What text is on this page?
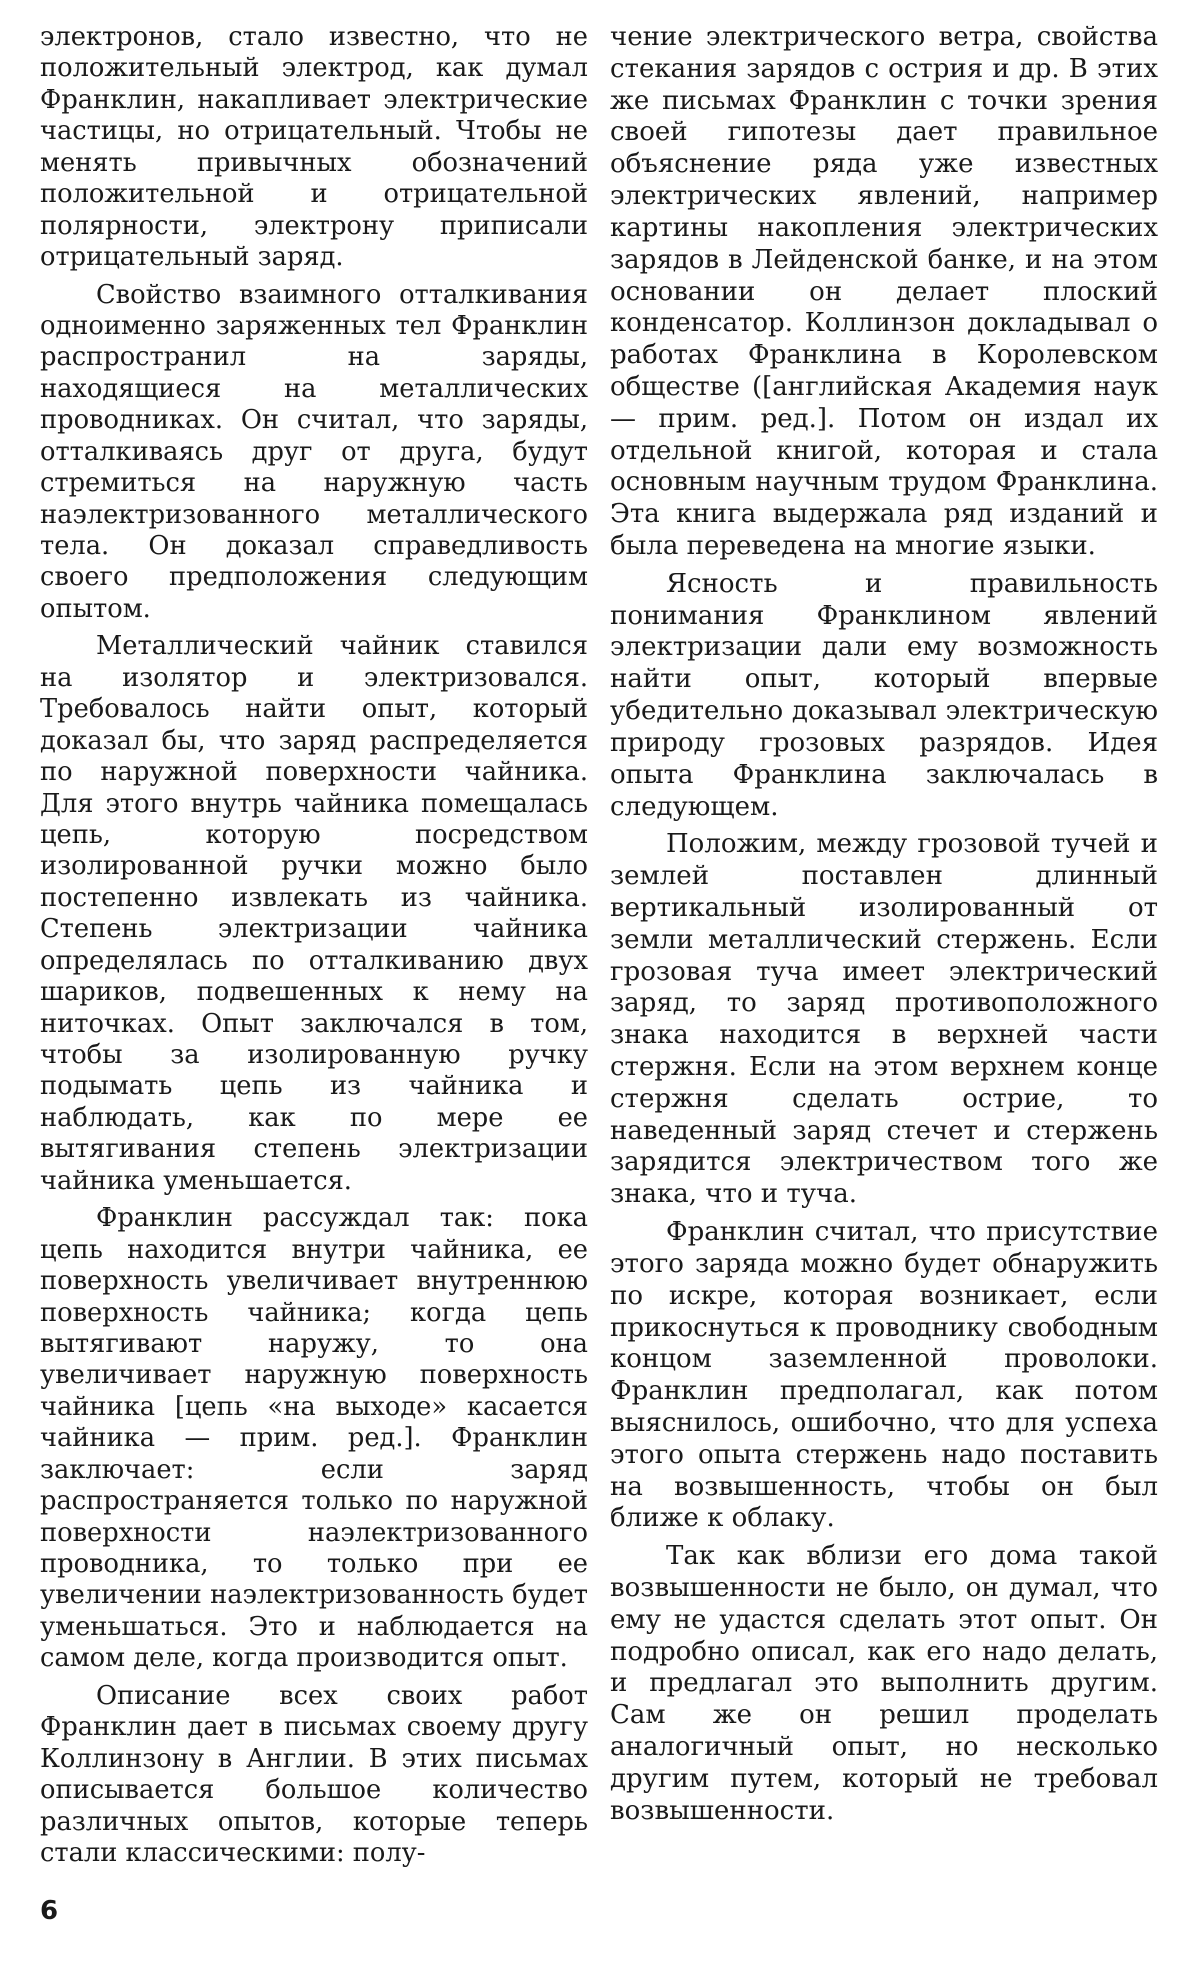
электронов, стало известно, что не положительный электрод, как думал Франклин, накапливает электрические частицы, но отрицательный. Чтобы не менять привычных обозначений положительной и отрицательной полярности, электрону приписали отрицательный заряд.

Свойство взаимного отталкивания одноименно заряженных тел Франклин распространил на заряды, находящиеся на металлических проводниках. Он считал, что заряды, отталкиваясь друг от друга, будут стремиться на наружную часть наэлектризованного металлического тела. Он доказал справедливость своего предположения следующим опытом.

Металлический чайник ставился на изолятор и электризовался. Требовалось найти опыт, который доказал бы, что заряд распределяется по наружной поверхности чайника. Для этого внутрь чайника помещалась цепь, которую посредством изолированной ручки можно было постепенно извлекать из чайника. Степень электризации чайника определялась по отталкиванию двух шариков, подвешенных к нему на ниточках. Опыт заключался в том, чтобы за изолированную ручку подымать цепь из чайника и наблюдать, как по мере ее вытягивания степень электризации чайника уменьшается.

Франклин рассуждал так: пока цепь находится внутри чайника, ее поверхность увеличивает внутреннюю поверхность чайника; когда цепь вытягивают наружу, то она увеличивает наружную поверхность чайника [цепь «на выходе» касается чайника — прим. ред.]. Франклин заключает: если заряд распространяется только по наружной поверхности наэлектризованного проводника, то только при ее увеличении наэлектризованность будет уменьшаться. Это и наблюдается на самом деле, когда производится опыт.

Описание всех своих работ Франклин дает в письмах своему другу Коллинзону в Англии. В этих письмах описывается большое количество различных опытов, которые теперь стали классическими: полу-

чение электрического ветра, свойства стекания зарядов с острия и др. В этих же письмах Франклин с точки зрения своей гипотезы дает правильное объяснение ряда уже известных электрических явлений, например картины накопления электрических зарядов в Лейденской банке, и на этом основании он делает плоский конденсатор. Коллинзон докладывал о работах Франклина в Королевском обществе ([английская Академия наук — прим. ред.]. Потом он издал их отдельной книгой, которая и стала основным научным трудом Франклина. Эта книга выдержала ряд изданий и была переведена на многие языки.

Ясность и правильность понимания Франклином явлений электризации дали ему возможность найти опыт, который впервые убедительно доказывал электрическую природу грозовых разрядов. Идея опыта Франклина заключалась в следующем.

Положим, между грозовой тучей и землей поставлен длинный вертикальный изолированный от земли металлический стержень. Если грозовая туча имеет электрический заряд, то заряд противоположного знака находится в верхней части стержня. Если на этом верхнем конце стержня сделать острие, то наведенный заряд стечет и стержень зарядится электричеством того же знака, что и туча.

Франклин считал, что присутствие этого заряда можно будет обнаружить по искре, которая возникает, если прикоснуться к проводнику свободным концом заземленной проволоки. Франклин предполагал, как потом выяснилось, ошибочно, что для успеха этого опыта стержень надо поставить на возвышенность, чтобы он был ближе к облаку.

Так как вблизи его дома такой возвышенности не было, он думал, что ему не удастся сделать этот опыт. Он подробно описал, как его надо делать, и предлагал это выполнить другим. Сам же он решил проделать аналогичный опыт, но несколько другим путем, который не требовал возвышенности.

6
